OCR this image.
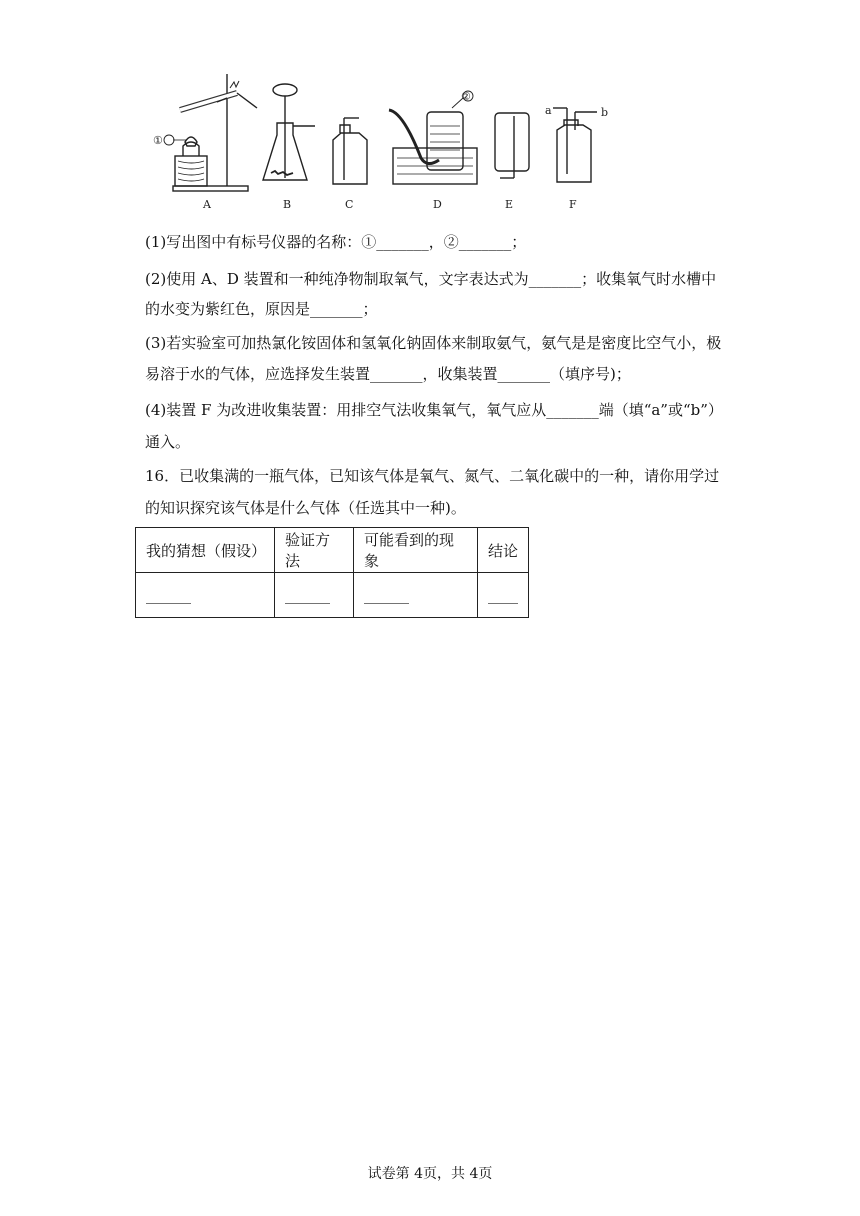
A	B	C	D	E	F
①
②
a	b
(1)写出图中有标号仪器的名称：①_______，②_______；
(2)使用 A、D 装置和一种纯净物制取氧气，文字表达式为_______；收集氧气时水槽中
的水变为紫红色，原因是_______；
(3)若实验室可加热氯化铵固体和氢氧化钠固体来制取氨气，氨气是是密度比空气小，极
易溶于水的气体，应选择发生装置_______，收集装置_______（填序号)；
(4)装置 F 为改进收集装置：用排空气法收集氧气，氧气应从_______端（填“a”或“b”）
通入。
16．已收集满的一瓶气体，已知该气体是氧气、氮气、二氧化碳中的一种，请你用学过
的知识探究该气体是什么气体（任选其中一种)。
我的猜想（假设）	验证方法	可能看到的现象	结论
______	______	______	____
试卷第 4页，共 4页
